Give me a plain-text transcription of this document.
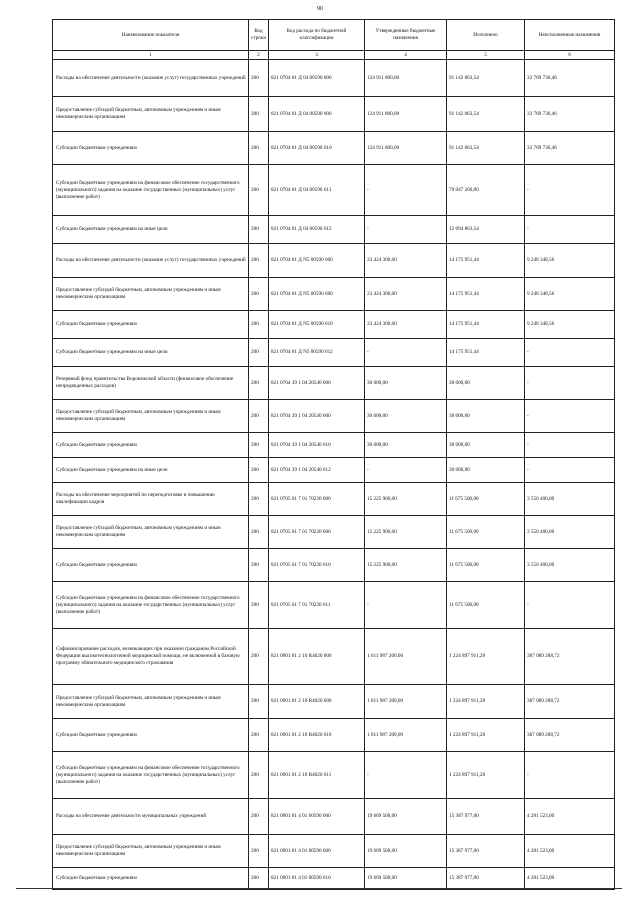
90
Наименование показателя	Код строки	Код расхода по бюджетной классификации	Утвержденные бюджетные назначения	Исполнено	Неисполненные назначения
1	2	3	4	5	6
Расходы на обеспечение деятельности (оказание услуг) государственных учреждений	200	821 0704 01 Д 04 00590 000	124 911 800,00	91 142 063,54	33 769 736,46
Предоставление субсидий бюджетным, автономным учреждениям и иным некоммерческим организациям	200	821 0704 01 Д 04 00590 600	124 911 800,00	91 142 063,54	33 769 736,46
Субсидии бюджетным учреждениям	200	821 0704 01 Д 04 00590 610	124 911 800,00	91 142 063,54	33 769 736,46
Субсидии бюджетным учреждениям на финансовое обеспечение государственного (муниципального) задания на оказание государственных (муниципальных) услуг (выполнение работ)	200	821 0704 01 Д 04 00590 611	-	79 047 200,00	-
Субсидии бюджетным учреждениям на иные цели	200	821 0704 01 Д 04 00590 612	-	12 094 863,54	-
Расходы на обеспечение деятельности (оказание услуг) государственных учреждений	200	821 0704 01 Д N5 00590 000	23 424 300,00	14 175 951,44	9 248 348,56
Предоставление субсидий бюджетным, автономным учреждениям и иным некоммерческим организациям	200	821 0704 01 Д N5 00590 600	23 424 300,00	14 175 951,44	9 248 348,56
Субсидии бюджетным учреждениям	200	821 0704 01 Д N5 00590 610	23 424 300,00	14 175 951,44	9 248 348,56
Субсидии бюджетным учреждениям на иные цели	200	821 0704 01 Д N5 00590 612	-	14 175 951,44	-
Резервный фонд правительства Воронежской области (финансовое обеспечение непредвиденных расходов)	200	821 0704 39 1 04 20540 000	30 000,00	30 000,00	-
Предоставление субсидий бюджетным, автономным учреждениям и иным некоммерческим организациям	200	821 0704 39 1 04 20540 600	30 000,00	30 000,00	-
Субсидии бюджетным учреждениям	200	821 0704 39 1 04 20540 610	30 000,00	30 000,00	-
Субсидии бюджетным учреждениям на иные цели	200	821 0704 39 1 04 20540 612	-	30 000,00	-
Расходы на обеспечение мероприятий по переподготовке и повышению квалификации кадров	200	821 0705 01 7 01 70230 000	15 225 900,00	11 675 500,00	3 550 400,00
Предоставление субсидий бюджетным, автономным учреждениям и иным некоммерческим организациям	200	821 0705 01 7 01 70230 600	15 225 900,00	11 675 500,00	3 550 400,00
Субсидии бюджетным учреждениям	200	821 0705 01 7 01 70230 610	15 225 900,00	11 675 500,00	3 550 400,00
Субсидии бюджетным учреждениям на финансовое обеспечение государственного (муниципального) задания на оказание государственных (муниципальных) услуг (выполнение работ)	200	821 0705 01 7 01 70230 611	-	11 675 500,00	-
Софинансирование расходов, возникающих при оказании гражданам Российской Федерации высокотехнологичной медицинской помощи, не включенной в базовую программу обязательного медицинского страхования	200	821 0901 01 2 10 R4020 000	1 611 987 200,00	1 224 897 911,28	387 089 288,72
Предоставление субсидий бюджетным, автономным учреждениям и иным некоммерческим организациям	200	821 0901 01 2 10 R4020 600	1 611 987 200,00	1 224 897 911,28	387 089 288,72
Субсидии бюджетным учреждениям	200	821 0901 01 2 10 R4020 610	1 611 987 200,00	1 224 897 911,28	387 089 288,72
Субсидии бюджетным учреждениям на финансовое обеспечение государственного (муниципального) задания на оказание государственных (муниципальных) услуг (выполнение работ)	200	821 0901 01 2 10 R4020 611	-	1 224 897 911,28	-
Расходы на обеспечение деятельности муниципальных учреждений	200	821 0901 01 4 01 00590 000	19 669 500,00	15 387 977,00	4 281 523,00
Предоставление субсидий бюджетным, автономным учреждениям и иным некоммерческим организациям	200	821 0901 01 4 01 00590 600	19 669 500,00	15 387 977,00	4 281 523,00
Субсидии бюджетным учреждениям	200	821 0901 01 4 01 00590 610	19 669 500,00	15 387 977,00	4 281 523,00
